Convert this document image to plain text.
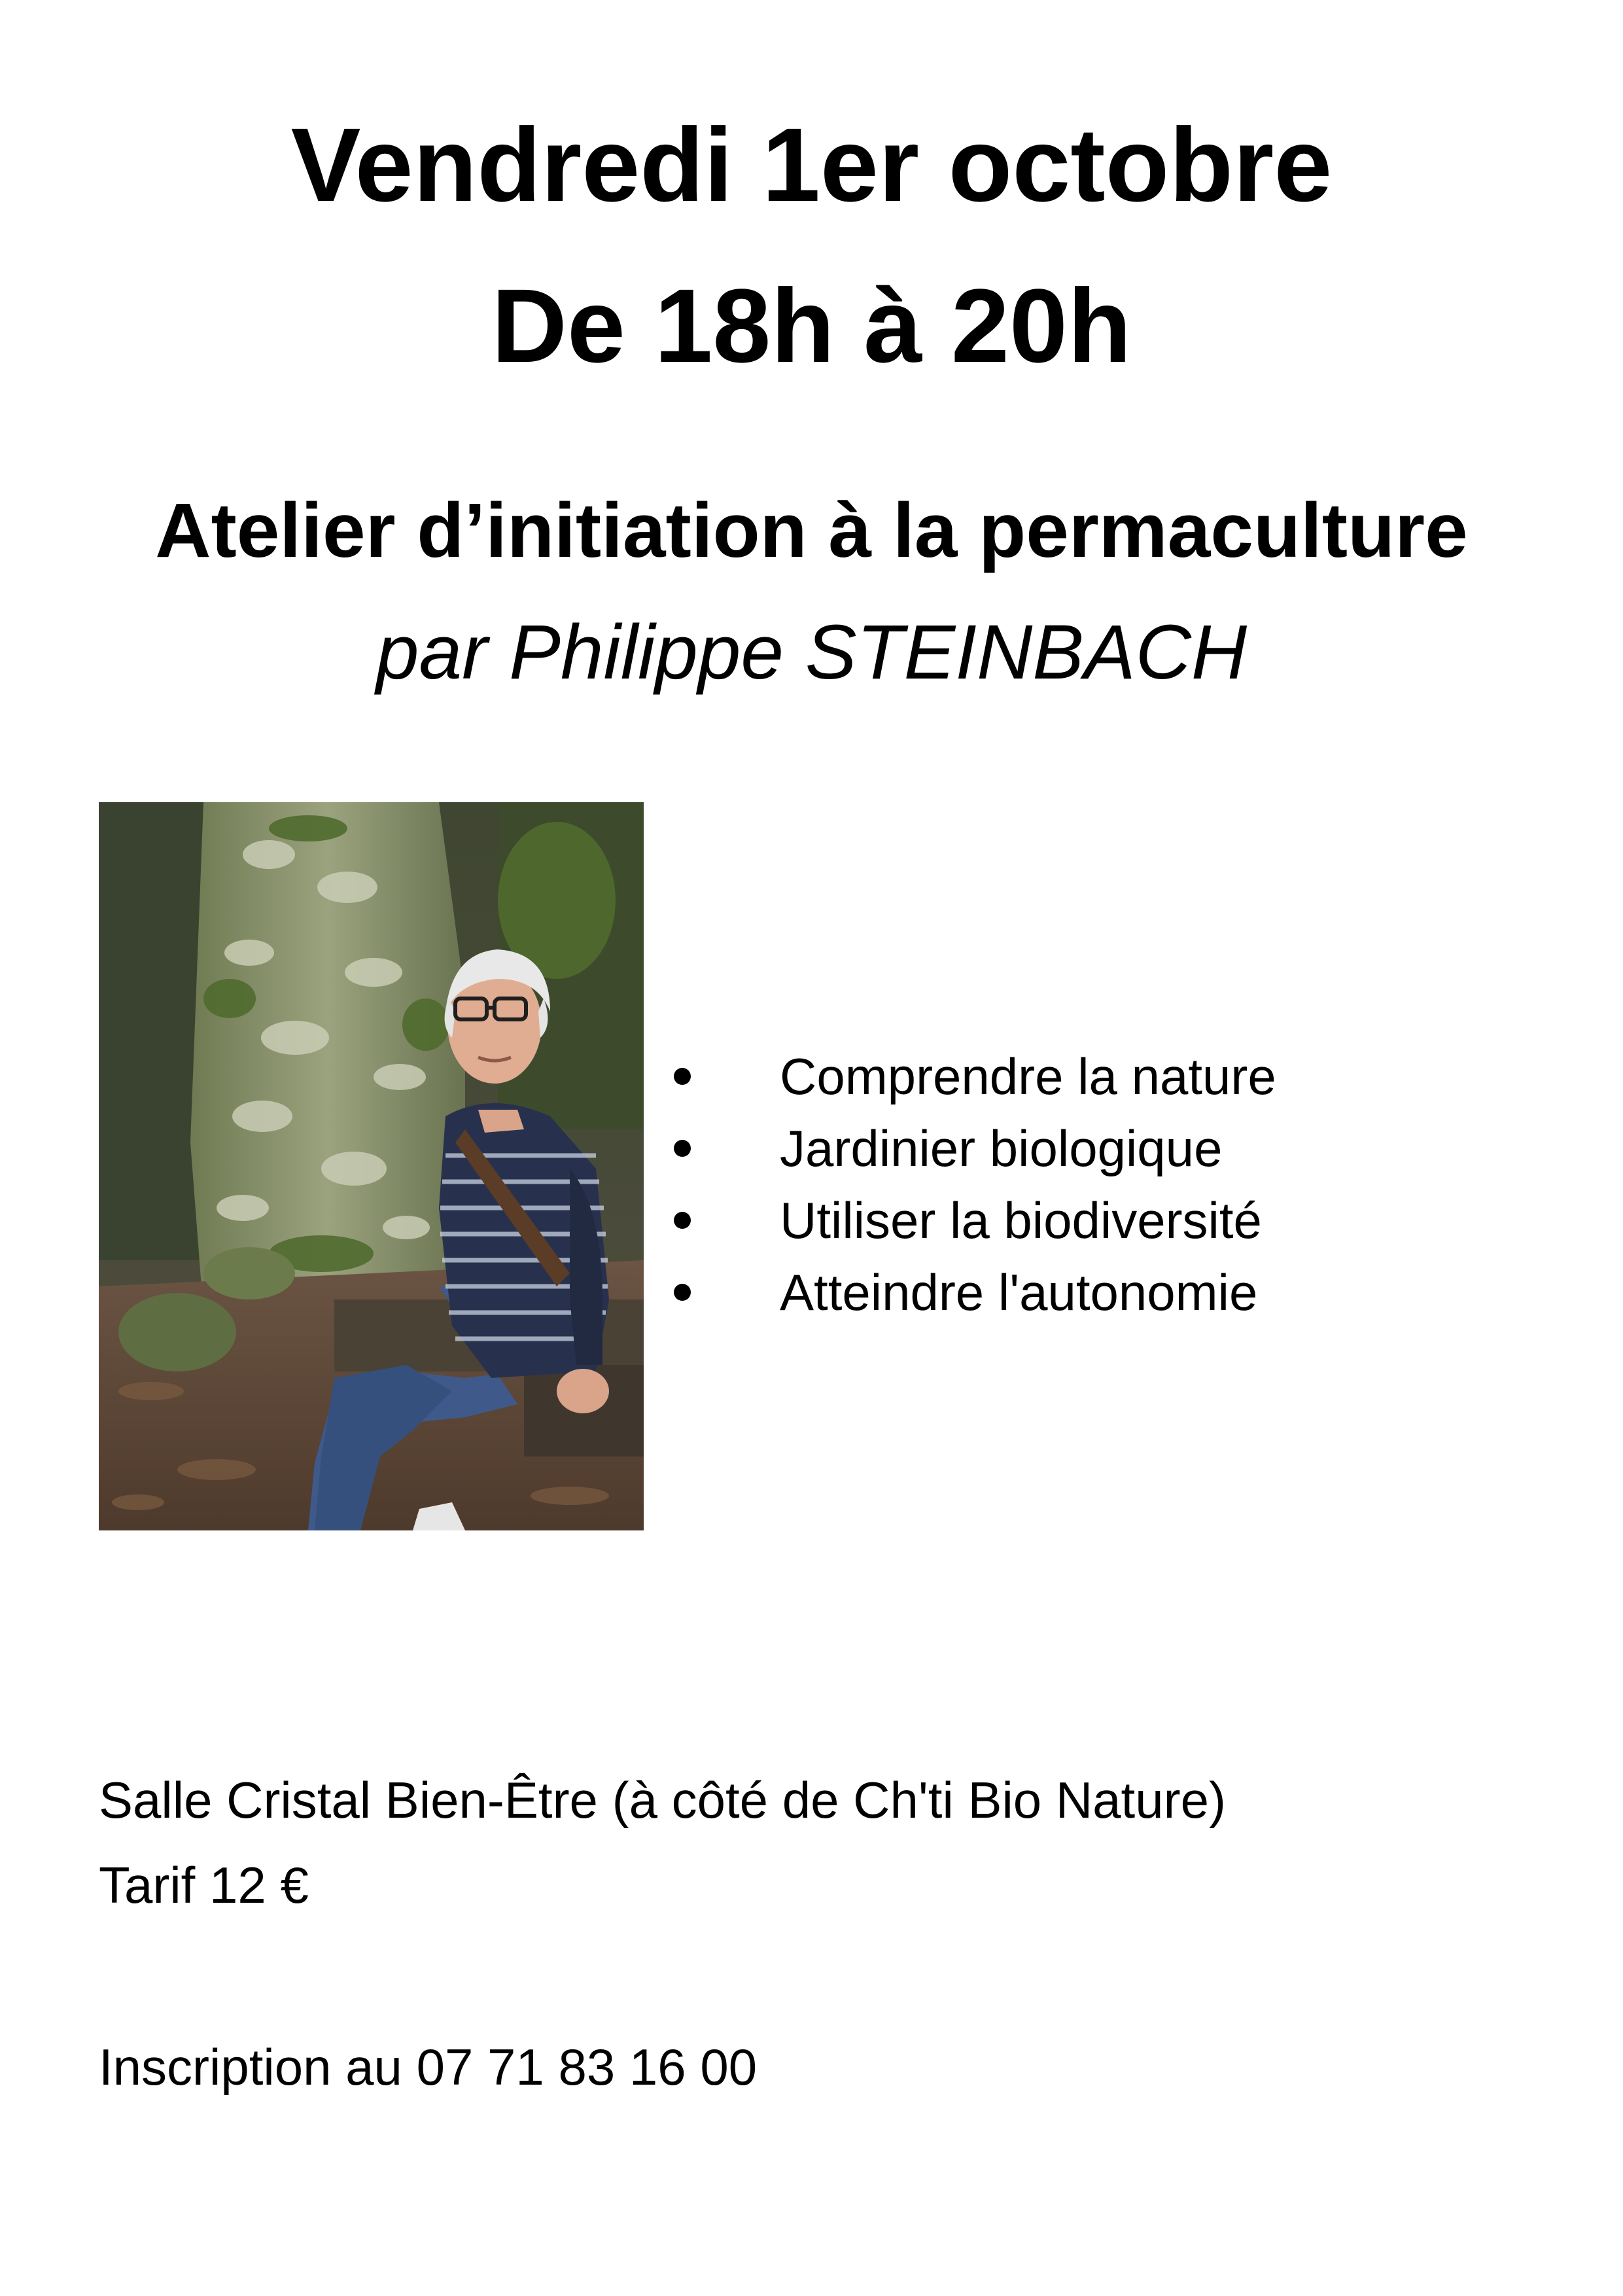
Vendredi 1er octobre
De 18h à 20h
Atelier d’initiation à la permaculture
par Philippe STEINBACH
Comprendre la nature
Jardinier biologique
Utiliser la biodiversité
Atteindre l'autonomie
Salle Cristal Bien-Être (à côté de Ch'ti Bio Nature)
Tarif 12 €
Inscription au 07 71 83 16 00
